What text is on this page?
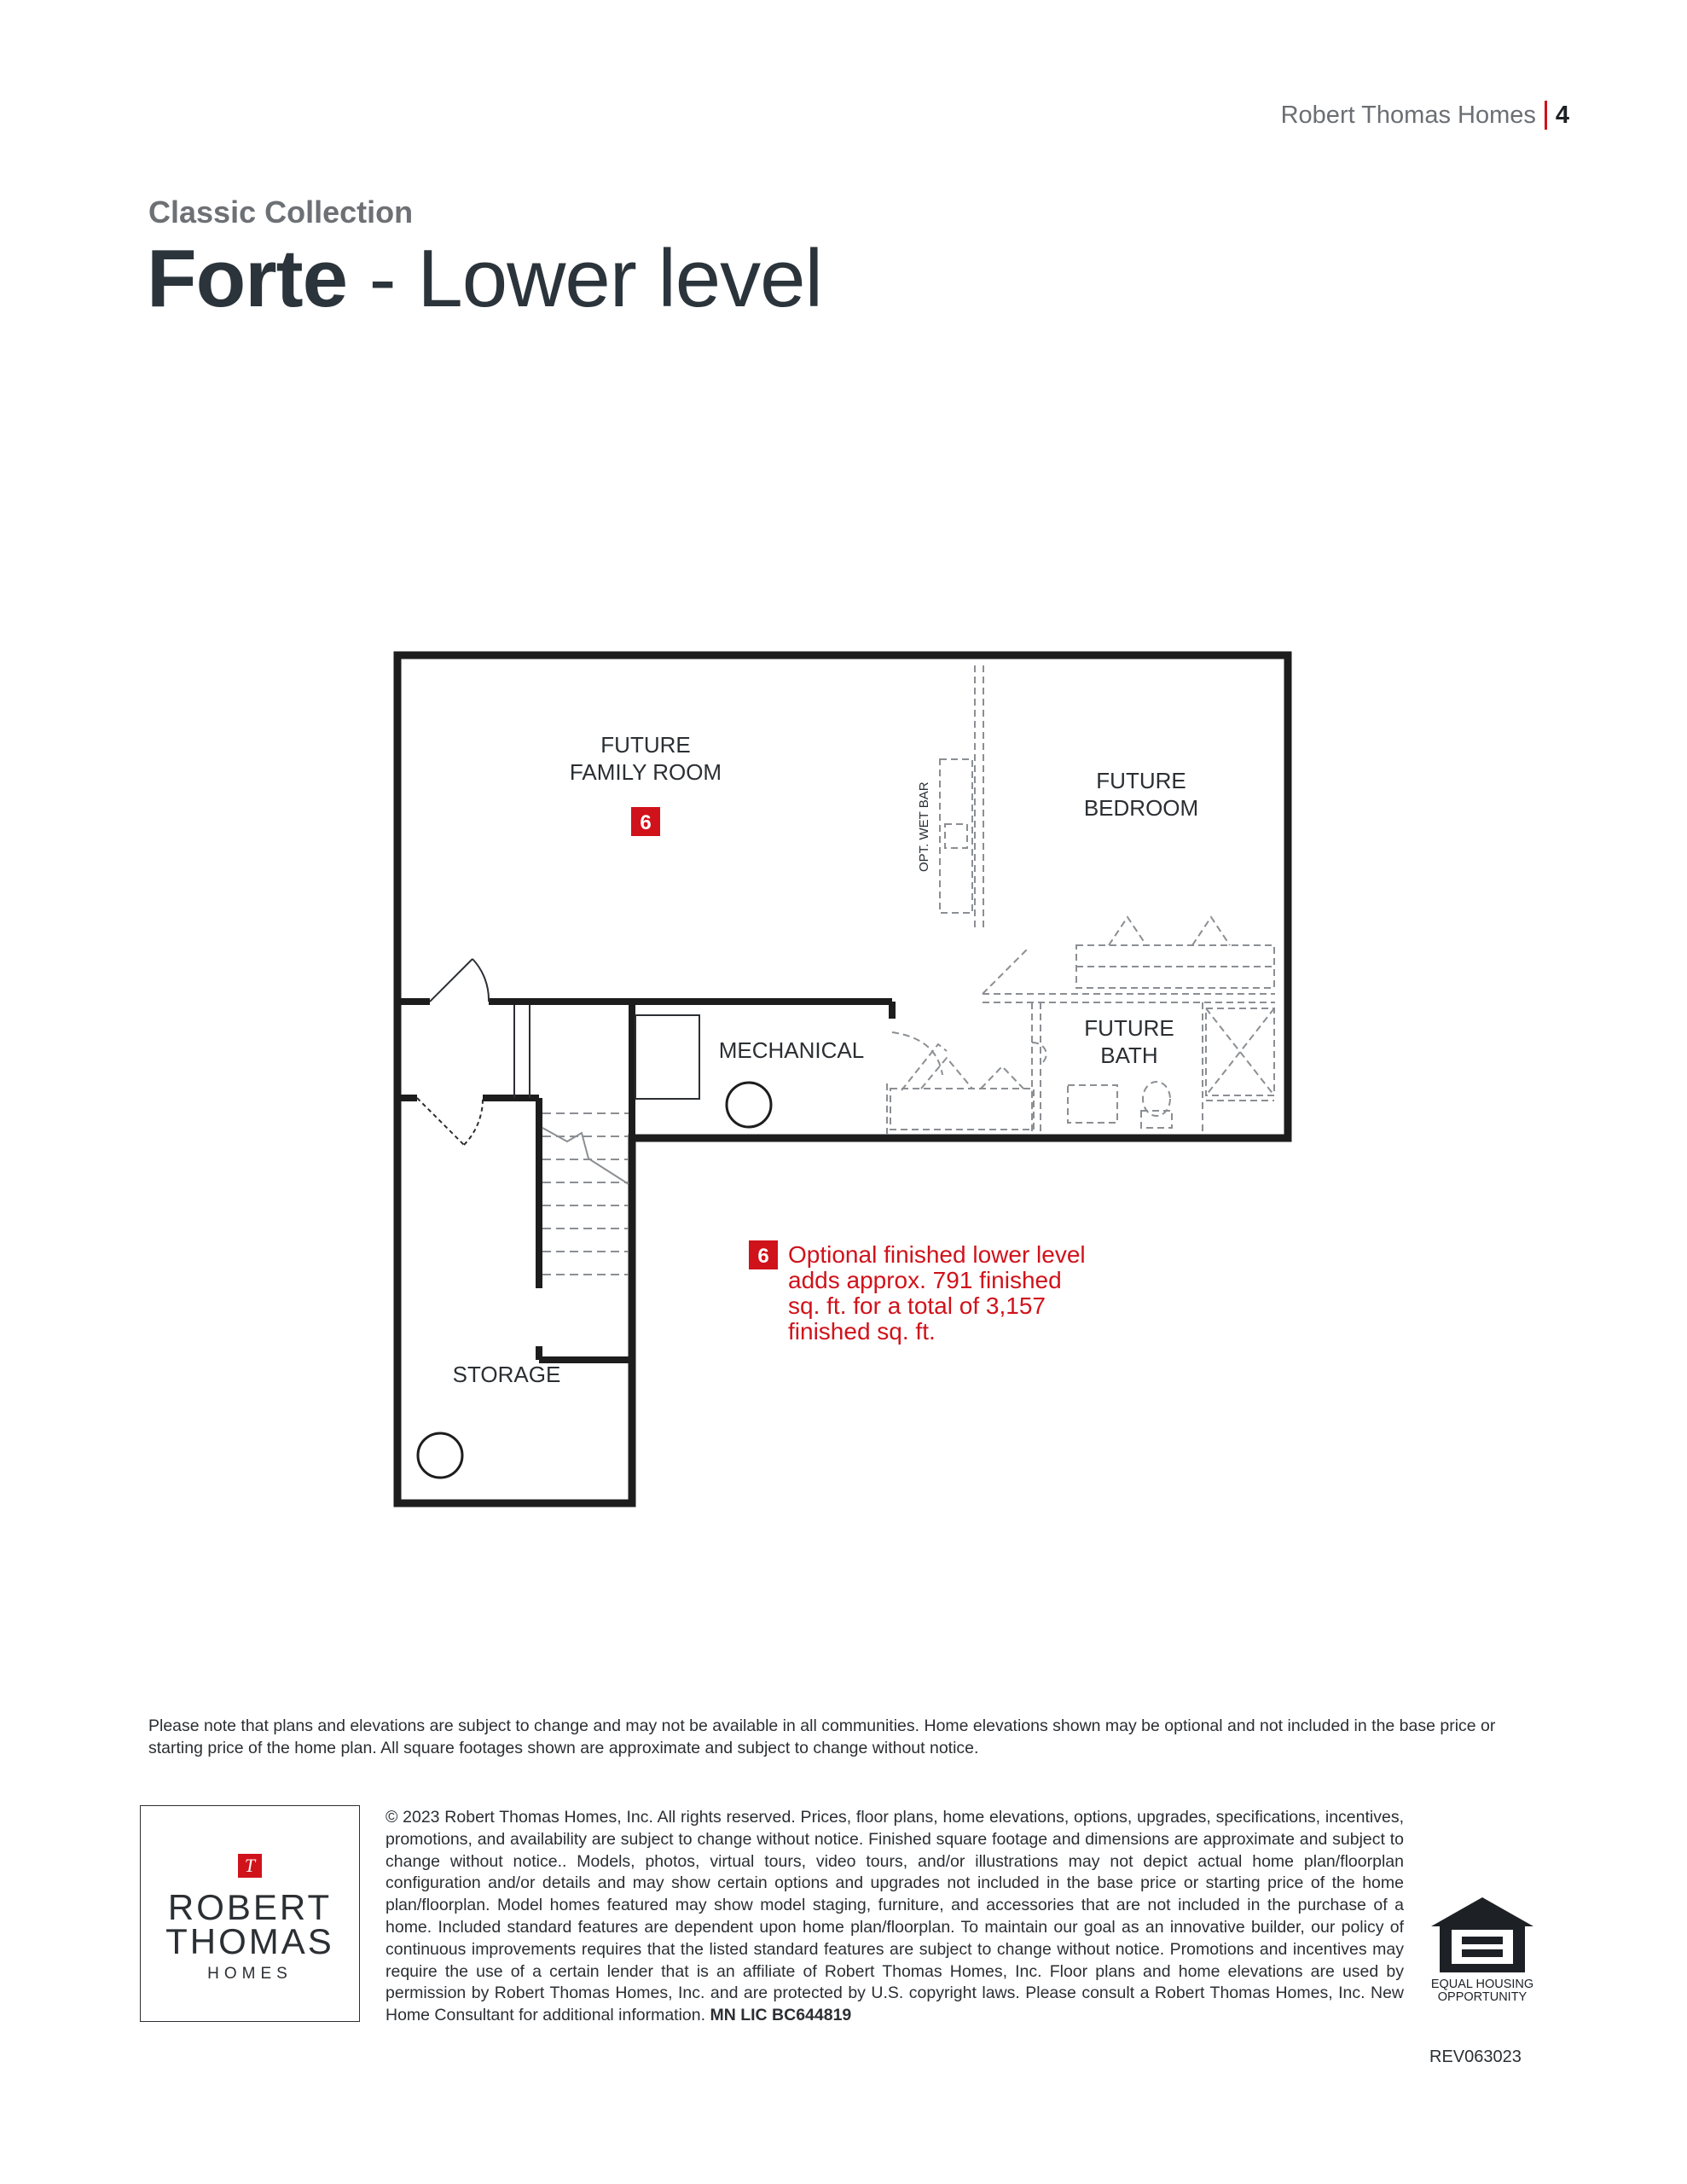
Robert Thomas Homes 4
Classic Collection
Forte - Lower level
FUTURE
FAMILY ROOM
6
FUTURE
BEDROOM
MECHANICAL
FUTURE
BATH
STORAGE
OPT. WET BAR
6 Optional finished lower level
adds approx. 791 finished
sq. ft. for a total of 3,157
finished sq. ft.
Please note that plans and elevations are subject to change and may not be available in all communities. Home elevations shown may be optional and not included in the base price or starting price of the home plan. All square footages shown are approximate and subject to change without notice.
T
ROBERT
THOMAS
HOMES
© 2023 Robert Thomas Homes, Inc. All rights reserved. Prices, floor plans, home elevations, options, upgrades, specifications, incentives, promotions, and availability are subject to change without notice. Finished square footage and dimensions are approximate and subject to change without notice.. Models, photos, virtual tours, video tours, and/or illustrations may not depict actual home plan/floorplan configuration and/or details and may show certain options and upgrades not included in the base price or starting price of the home plan/floorplan. Model homes featured may show model staging, furniture, and accessories that are not included in the purchase of a home. Included standard features are dependent upon home plan/floorplan. To maintain our goal as an innovative builder, our policy of continuous improvements requires that the listed standard features are subject to change without notice. Promotions and incentives may require the use of a certain lender that is an affiliate of Robert Thomas Homes, Inc. Floor plans and home elevations are used by permission by Robert Thomas Homes, Inc. and are protected by U.S. copyright laws. Please consult a Robert Thomas Homes, Inc. New Home Consultant for additional information. MN LIC BC644819
EQUAL HOUSING
OPPORTUNITY
REV063023
